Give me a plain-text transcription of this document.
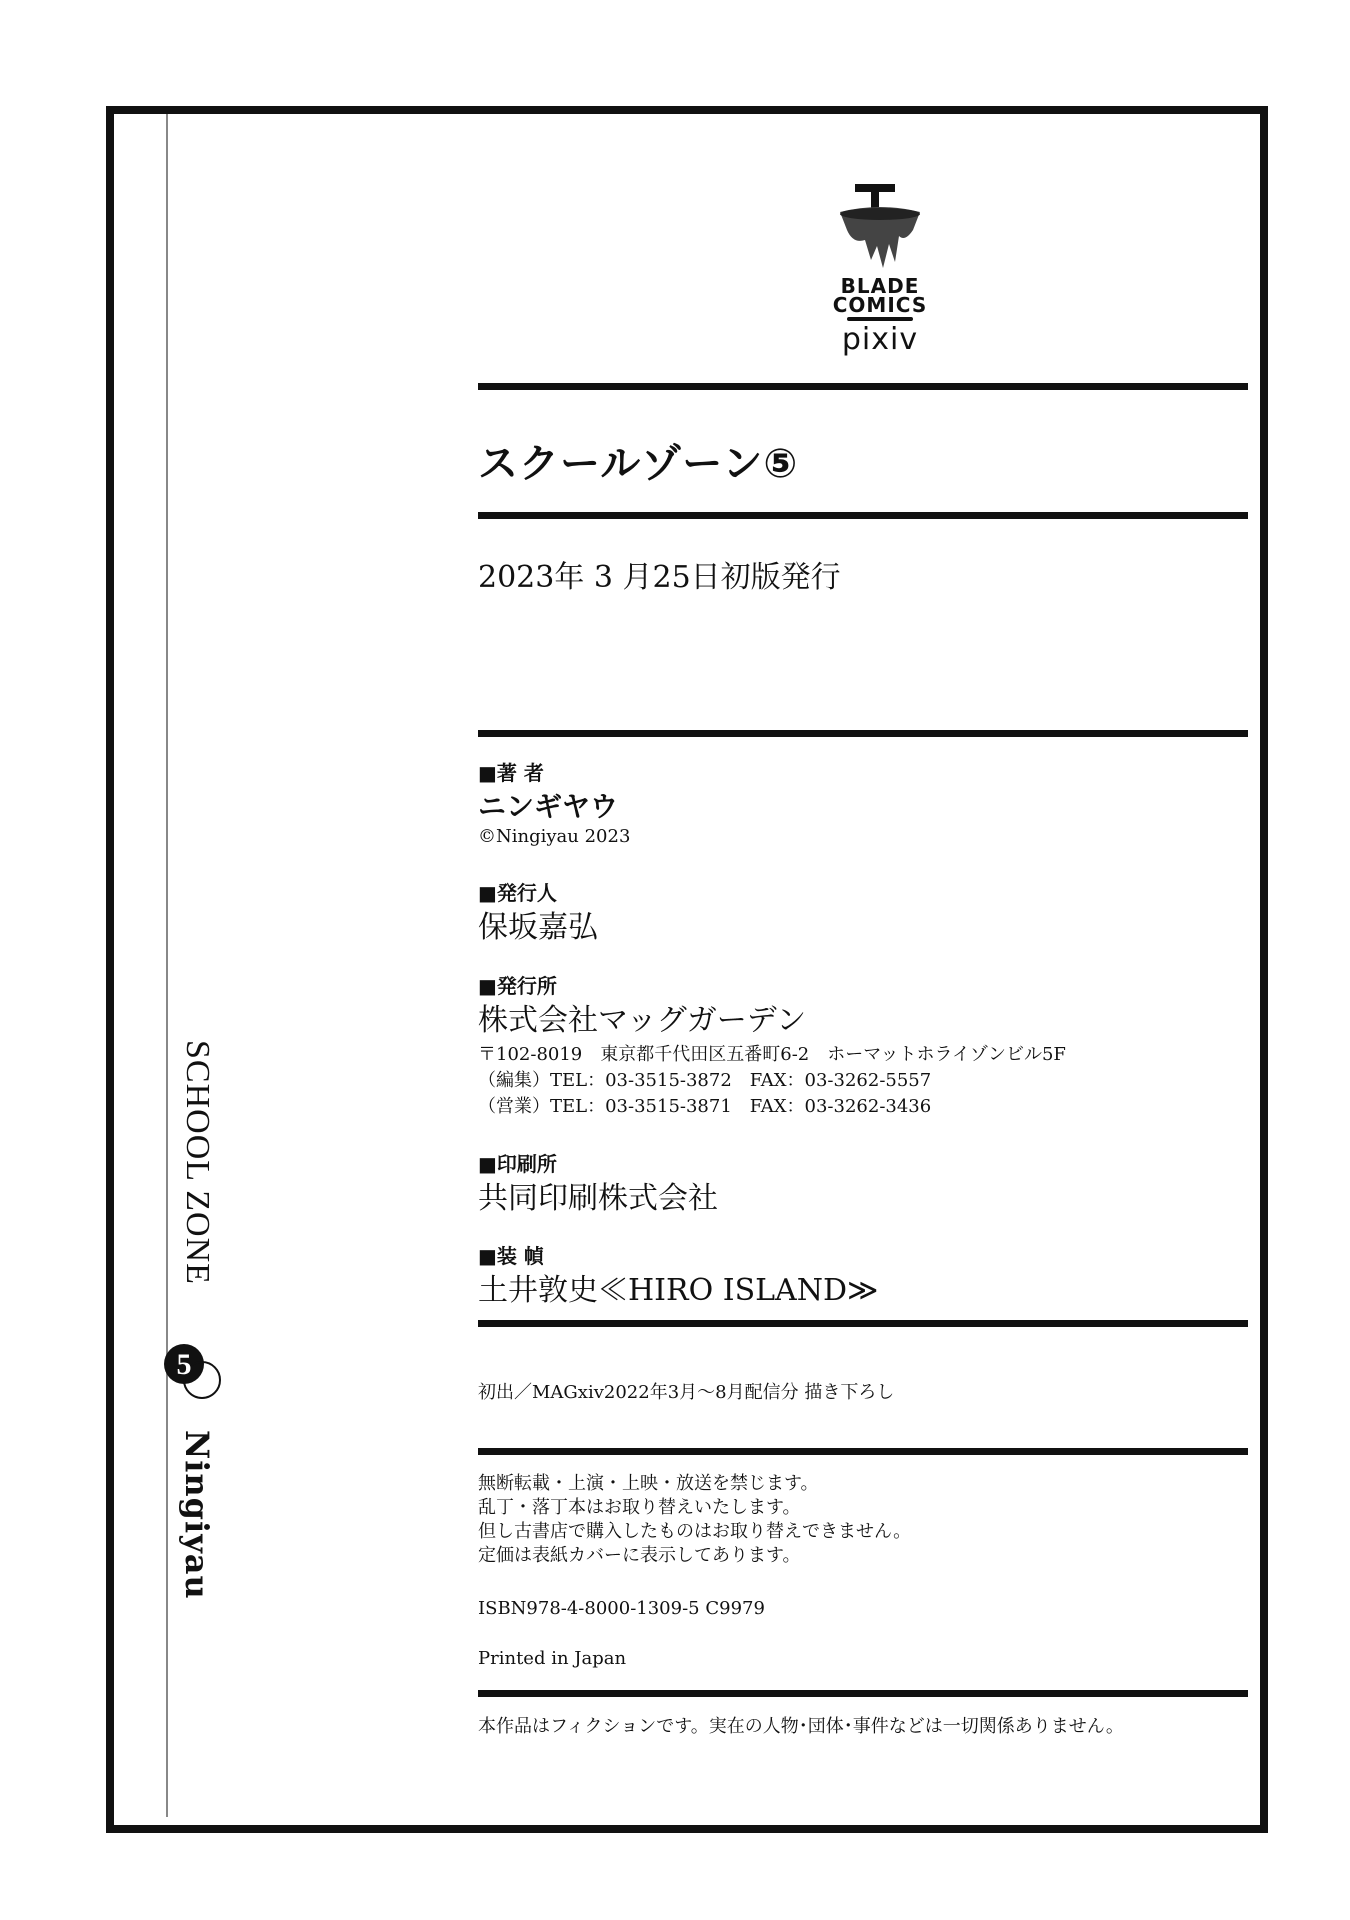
SCHOOL ZONE
5
Ningiyau
BLADE
COMICS
pixiv
スクールゾーン⑤
2023年 3 月25日初版発行
■著 者
ニンギヤウ
©Ningiyau 2023
■発行人
保坂嘉弘
■発行所
株式会社マッグガーデン
〒102-8019　東京都千代田区五番町6-2　ホーマットホライゾンビル5F
（編集）TEL：03-3515-3872　FAX：03-3262-5557
（営業）TEL：03-3515-3871　FAX：03-3262-3436
■印刷所
共同印刷株式会社
■装 幀
土井敦史≪HIRO ISLAND≫
初出／MAGxiv2022年3月〜8月配信分 描き下ろし
無断転載・上演・上映・放送を禁じます。
乱丁・落丁本はお取り替えいたします。
但し古書店で購入したものはお取り替えできません。
定価は表紙カバーに表示してあります。
ISBN978-4-8000-1309-5 C9979
Printed in Japan
本作品はフィクションです。実在の人物･団体･事件などは一切関係ありません。
